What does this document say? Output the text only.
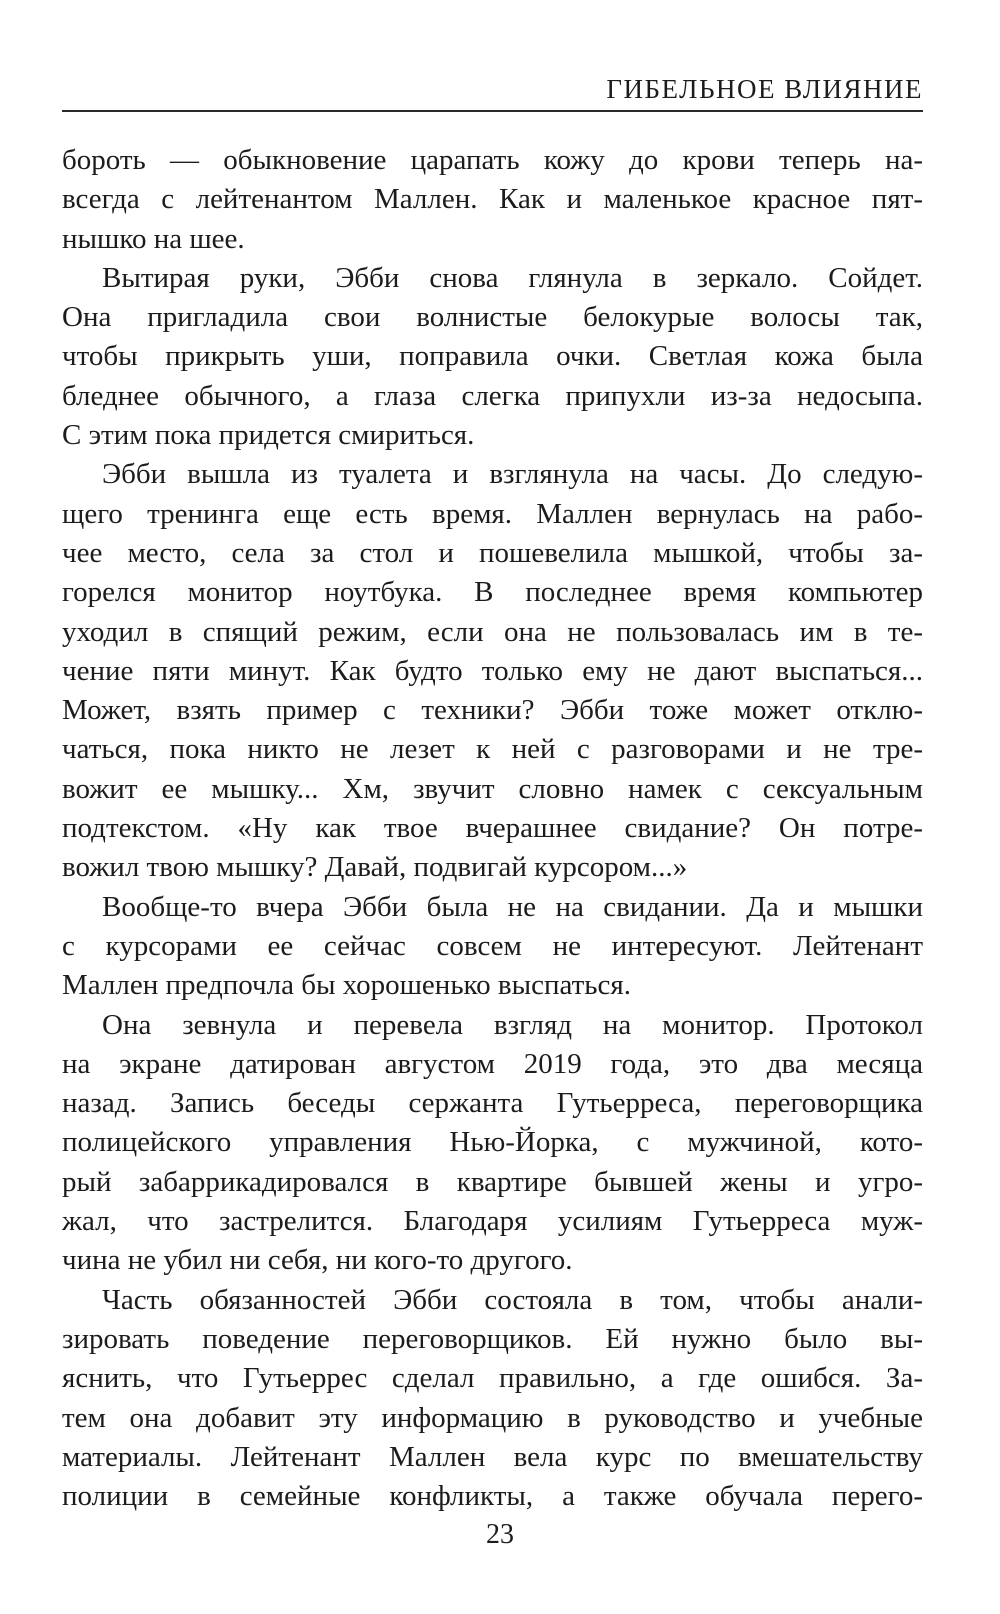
ГИБЕЛЬНОЕ ВЛИЯНИЕ
бороть — обыкновение царапать кожу до крови теперь на-
всегда с лейтенантом Маллен. Как и маленькое красное пят-
нышко на шее.
Вытирая руки, Эбби снова глянула в зеркало. Сойдет.
Она пригладила свои волнистые белокурые волосы так,
чтобы прикрыть уши, поправила очки. Светлая кожа была
бледнее обычного, а глаза слегка припухли из-за недосыпа.
С этим пока придется смириться.
Эбби вышла из туалета и взглянула на часы. До следую-
щего тренинга еще есть время. Маллен вернулась на рабо-
чее место, села за стол и пошевелила мышкой, чтобы за-
горелся монитор ноутбука. В последнее время компьютер
уходил в спящий режим, если она не пользовалась им в те-
чение пяти минут. Как будто только ему не дают выспаться...
Может, взять пример с техники? Эбби тоже может отклю-
чаться, пока никто не лезет к ней с разговорами и не тре-
вожит ее мышку... Хм, звучит словно намек с сексуальным
подтекстом. «Ну как твое вчерашнее свидание? Он потре-
вожил твою мышку? Давай, подвигай курсором...»
Вообще-то вчера Эбби была не на свидании. Да и мышки
с курсорами ее сейчас совсем не интересуют. Лейтенант
Маллен предпочла бы хорошенько выспаться.
Она зевнула и перевела взгляд на монитор. Протокол
на экране датирован августом 2019 года, это два месяца
назад. Запись беседы сержанта Гутьерреса, переговорщика
полицейского управления Нью-Йорка, с мужчиной, кото-
рый забаррикадировался в квартире бывшей жены и угро-
жал, что застрелится. Благодаря усилиям Гутьерреса муж-
чина не убил ни себя, ни кого-то другого.
Часть обязанностей Эбби состояла в том, чтобы анали-
зировать поведение переговорщиков. Ей нужно было вы-
яснить, что Гутьеррес сделал правильно, а где ошибся. За-
тем она добавит эту информацию в руководство и учебные
материалы. Лейтенант Маллен вела курс по вмешательству
полиции в семейные конфликты, а также обучала перего-
23
